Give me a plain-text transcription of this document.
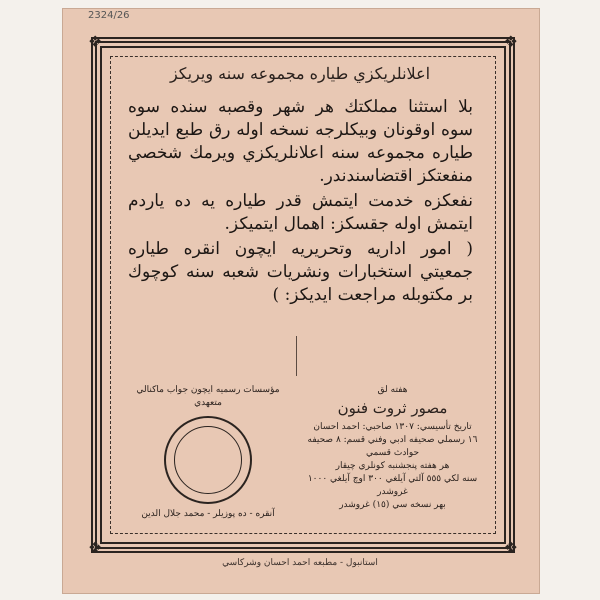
2324/26
❖	❖
❖	❖
اعلانلريكزي طياره مجموعه سنه ويريكز

بلا استثنا مملكتك هر شهر وقصبه سنده سوه سوه اوقونان وبيكلرجه نسخه اوله رق طبع ايديلن طياره مجموعه سنه اعلانلريكزي ويرمك شخصي منفعتكز اقتضاسندندر.

نفعكزه خدمت ايتمش قدر طياره يه ده ياردم ايتمش اوله جقسكز: اهمال ايتميكز.

( امور اداريه وتحريريه ايچون انقره طياره جمعيتي استخبارات ونشريات شعبه سنه كوچوك بر مكتوبله مراجعت ايديكز: )

مؤسسات رسميه ايچون جواب ماكنالي متعهدي
آنقره - ده پوزيلر - محمد جلال الدين
هفته لق
مصور ثروت فنون
تاريخ تأسيسي: ١٣٠٧ صاحبي: احمد احسان
١٦ رسملي صحيفه ادبي وفني قسم: ٨ صحيفه حوادث قسمي
هر هفته پنجشنبه كونلري چيقار
سنه لكي ٥٥٥ آلتي آيلغي ٣٠٠ اوچ آيلغي ١٠٠٠ غروشدر
بهر نسخه سي (١٥) غروشدر
استانبول - مطبعه احمد احسان وشركاسي
